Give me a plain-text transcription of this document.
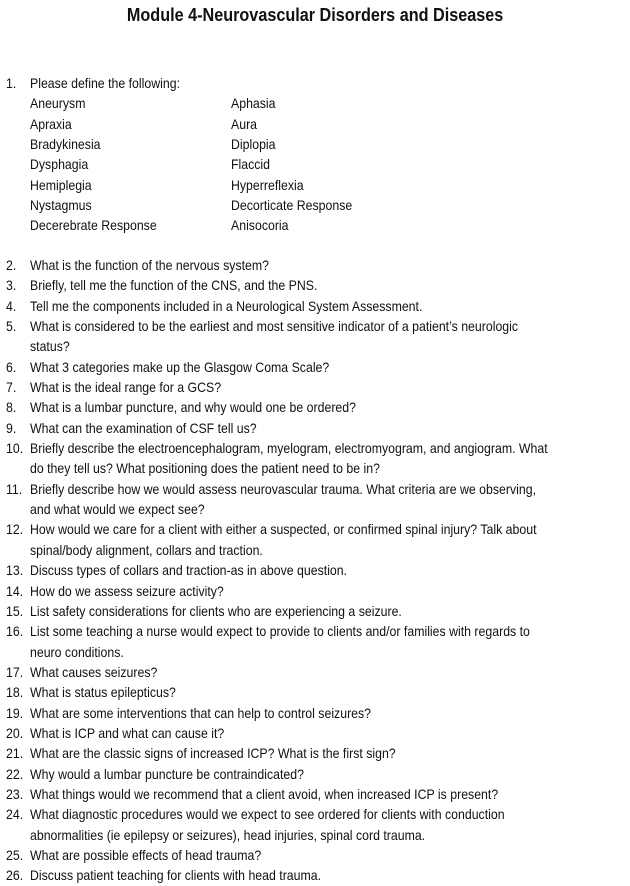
Module 4-Neurovascular Disorders and Diseases
1. Please define the following:
Aneurysm	Aphasia
Apraxia	Aura
Bradykinesia	Diplopia
Dysphagia	Flaccid
Hemiplegia	Hyperreflexia
Nystagmus	Decorticate Response
Decerebrate Response	Anisocoria
2. What is the function of the nervous system?
3. Briefly, tell me the function of the CNS, and the PNS.
4. Tell me the components included in a Neurological System Assessment.
5. What is considered to be the earliest and most sensitive indicator of a patient’s neurologic
status?
6. What 3 categories make up the Glasgow Coma Scale?
7. What is the ideal range for a GCS?
8. What is a lumbar puncture, and why would one be ordered?
9. What can the examination of CSF tell us?
10. Briefly describe the electroencephalogram, myelogram, electromyogram, and angiogram. What
do they tell us? What positioning does the patient need to be in?
11. Briefly describe how we would assess neurovascular trauma. What criteria are we observing,
and what would we expect see?
12. How would we care for a client with either a suspected, or confirmed spinal injury? Talk about
spinal/body alignment, collars and traction.
13. Discuss types of collars and traction-as in above question.
14. How do we assess seizure activity?
15. List safety considerations for clients who are experiencing a seizure.
16. List some teaching a nurse would expect to provide to clients and/or families with regards to
neuro conditions.
17. What causes seizures?
18. What is status epilepticus?
19. What are some interventions that can help to control seizures?
20. What is ICP and what can cause it?
21. What are the classic signs of increased ICP? What is the first sign?
22. Why would a lumbar puncture be contraindicated?
23. What things would we recommend that a client avoid, when increased ICP is present?
24. What diagnostic procedures would we expect to see ordered for clients with conduction
abnormalities (ie epilepsy or seizures), head injuries, spinal cord trauma.
25. What are possible effects of head trauma?
26. Discuss patient teaching for clients with head trauma.
